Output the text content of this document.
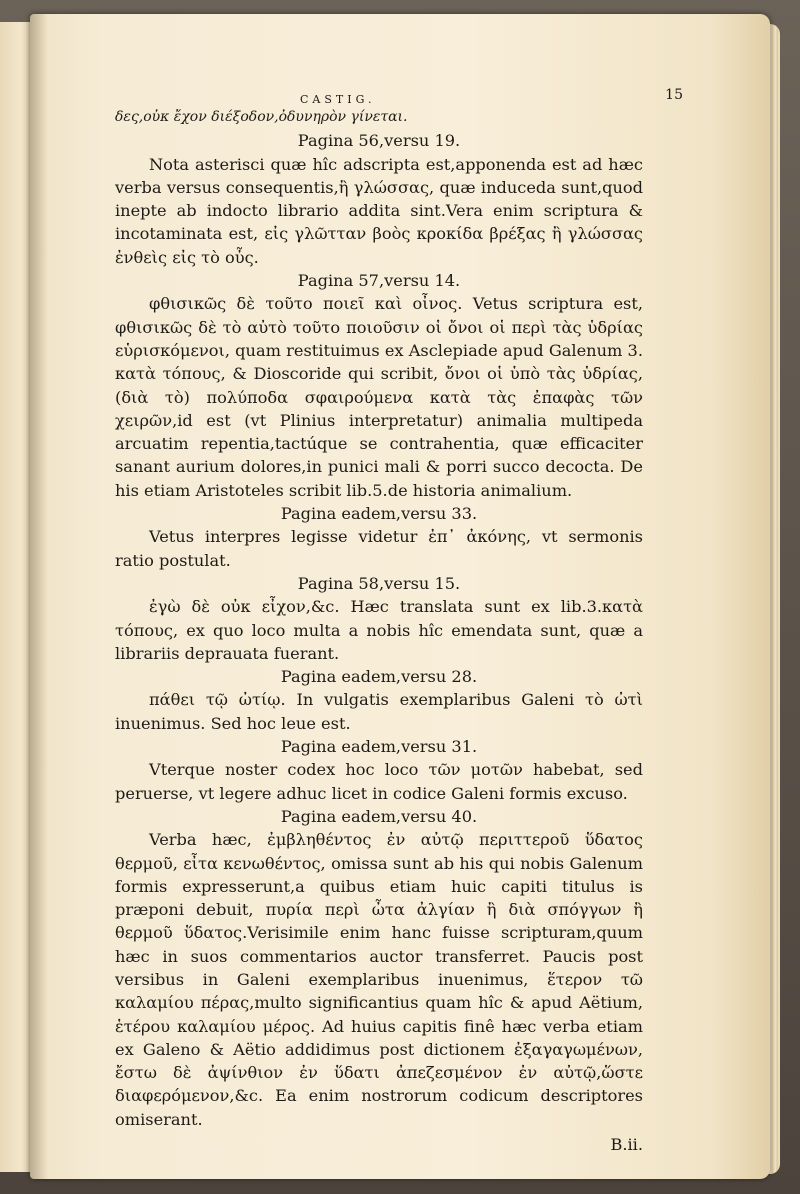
CASTIG.	15

δες,οὐκ ἔχον διέξοδον,ὀδυνηρὸν γίνεται.

Pagina 56,versu 19.

Nota asterisci quæ hîc adscripta est,apponenda est ad hæc verba versus consequentis,ἢ γλώσσας, quæ induceda sunt,quod inepte ab indocto librario addita sint.Vera enim scriptura & incotaminata est, εἰς γλῶτταν βοὸς κροκίδα βρέξας ἢ γλώσσας ἐνθεὶς εἰς τὸ οὖς.

Pagina 57,versu 14.

φθισικῶς δὲ τοῦτο ποιεῖ καὶ οἶνος. Vetus scriptura est, φθισικῶς δὲ τὸ αὐτὸ τοῦτο ποιοῦσιν οἱ ὄνοι οἱ περὶ τὰς ὑδρίας εὑρισκόμενοι, quam restituimus ex Asclepiade apud Galenum 3. κατὰ τόπους, & Dioscoride qui scribit, ὄνοι οἱ ὑπὸ τὰς ὑδρίας,(διὰ τὸ) πολύποδα σφαιρούμενα κατὰ τὰς ἐπαφὰς τῶν χειρῶν,id est (vt Plinius interpretatur) animalia multipeda arcuatim repentia,tactúque se contrahentia, quæ efficaciter sanant aurium dolores,in punici mali & porri succo decocta. De his etiam Aristoteles scribit lib.5.de historia animalium.

Pagina eadem,versu 33.

Vetus interpres legisse videtur ἐπ᾽ ἀκόνης, vt sermonis ratio postulat.

Pagina 58,versu 15.

ἐγὼ δὲ οὐκ εἶχον,&c. Hæc translata sunt ex lib.3.κατὰ τόπους, ex quo loco multa a nobis hîc emendata sunt, quæ a librariis deprauata fuerant.

Pagina eadem,versu 28.

πάθει τῷ ὠτίῳ. In vulgatis exemplaribus Galeni τὸ ὠτὶ inuenimus. Sed hoc leue est.

Pagina eadem,versu 31.

Vterque noster codex hoc loco τῶν μοτῶν habebat, sed peruerse, vt legere adhuc licet in codice Galeni formis excuso.

Pagina eadem,versu 40.

Verba hæc, ἐμβληθέντος ἐν αὐτῷ περιττεροῦ ὕδατος θερμοῦ, εἶτα κενωθέντος, omissa sunt ab his qui nobis Galenum formis expresserunt,a quibus etiam huic capiti titulus is præponi debuit, πυρία περὶ ὦτα ἀλγίαν ἢ διὰ σπόγγων ἢ θερμοῦ ὕδατος.Verisimile enim hanc fuisse scripturam,quum hæc in suos commentarios auctor transferret. Paucis post versibus in Galeni exemplaribus inuenimus, ἕτερον τῶ καλαμίου πέρας,multo significantius quam hîc & apud Aëtium, ἑτέρου καλαμίου μέρος. Ad huius capitis finê hæc verba etiam ex Galeno & Aëtio addidimus post dictionem ἐξαγαγωμένων, ἔστω δὲ ἀψίνθιον ἐν ὕδατι ἀπεζεσμένον ἐν αὐτῷ,ὥστε διαφερόμενον,&c. Ea enim nostrorum codicum descriptores omiserant.

B.ii.
